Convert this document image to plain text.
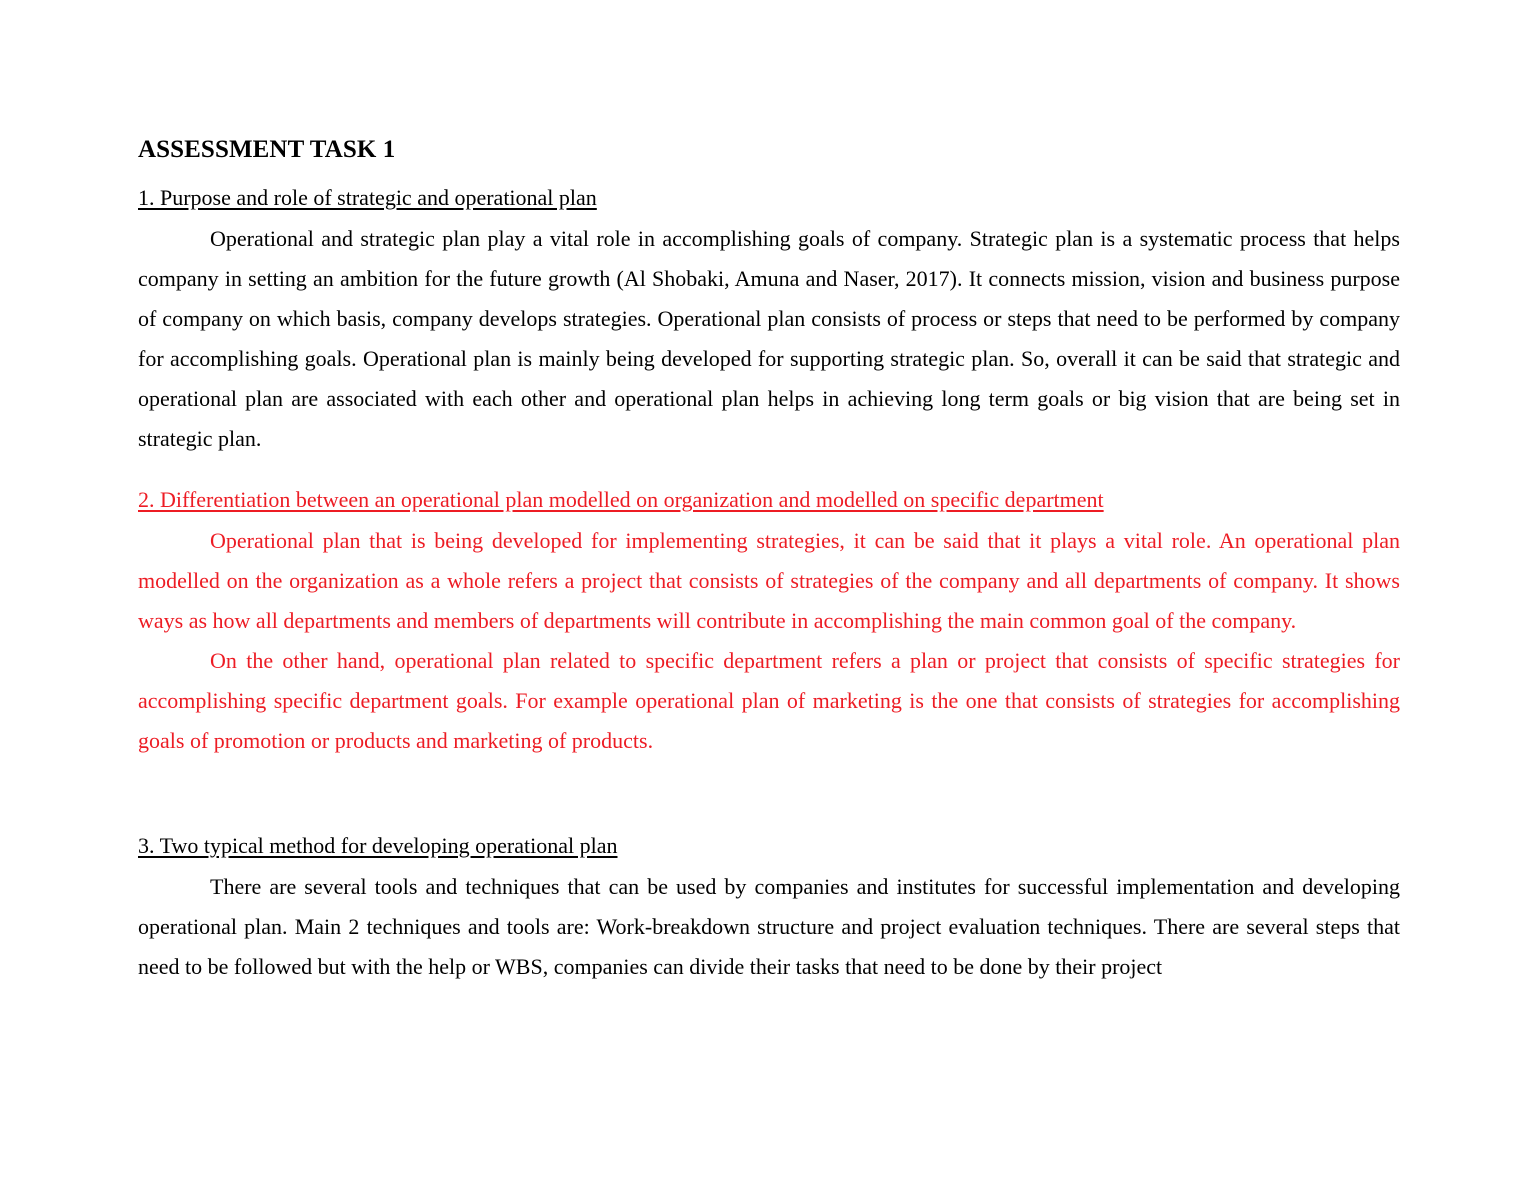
ASSESSMENT TASK 1
1. Purpose and role of strategic and operational plan

Operational and strategic plan play a vital role in accomplishing goals of company. Strategic plan is a systematic process that helps company in setting an ambition for the future growth (Al Shobaki, Amuna and Naser, 2017). It connects mission, vision and business purpose of company on which basis, company develops strategies. Operational plan consists of process or steps that need to be performed by company for accomplishing goals. Operational plan is mainly being developed for supporting strategic plan. So, overall it can be said that strategic and operational plan are associated with each other and operational plan helps in achieving long term goals or big vision that are being set in strategic plan.

2. Differentiation between an operational plan modelled on organization and modelled on specific department

Operational plan that is being developed for implementing strategies, it can be said that it plays a vital role. An operational plan modelled on the organization as a whole refers a project that consists of strategies of the company and all departments of company. It shows ways as how all departments and members of departments will contribute in accomplishing the main common goal of the company.

On the other hand, operational plan related to specific department refers a plan or project that consists of specific strategies for accomplishing specific department goals. For example operational plan of marketing is the one that consists of strategies for accomplishing goals of promotion or products and marketing of products.

3. Two typical method for developing operational plan

There are several tools and techniques that can be used by companies and institutes for successful implementation and developing operational plan. Main 2 techniques and tools are: Work-breakdown structure and project evaluation techniques. There are several steps that need to be followed but with the help or WBS, companies can divide their tasks that need to be done by their project
